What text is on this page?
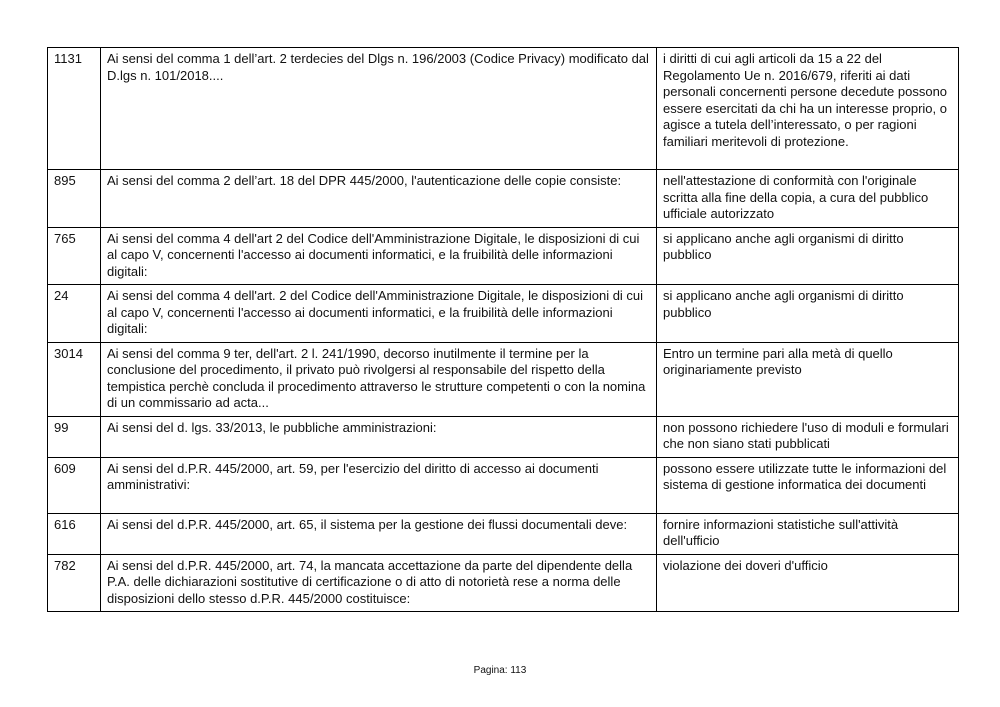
1131	Ai sensi del comma 1 dell’art. 2 terdecies del Dlgs n. 196/2003 (Codice Privacy) modificato dal D.lgs n. 101/2018....	i diritti di cui agli articoli da 15 a 22 del Regolamento Ue n. 2016/679, riferiti ai dati personali concernenti persone decedute possono essere esercitati da chi ha un interesse proprio, o agisce a tutela dell’interessato, o per ragioni familiari meritevoli di protezione.
895	Ai sensi del comma 2 dell’art. 18 del DPR 445/2000, l'autenticazione delle copie consiste:	nell'attestazione di conformità con l'originale scritta alla fine della copia, a cura del pubblico ufficiale autorizzato
765	Ai sensi del comma 4 dell'art 2 del Codice dell'Amministrazione Digitale, le disposizioni di cui al capo V, concernenti l'accesso ai documenti informatici, e la fruibilità delle informazioni digitali:	si applicano anche agli organismi di diritto pubblico
24	Ai sensi del comma 4 dell'art. 2 del Codice dell'Amministrazione Digitale, le disposizioni di cui al capo V, concernenti l'accesso ai documenti informatici, e la fruibilità delle informazioni digitali:	si applicano anche agli organismi di diritto pubblico
3014	Ai sensi del comma 9 ter, dell'art. 2 l. 241/1990, decorso inutilmente il termine per la conclusione del procedimento, il privato può rivolgersi al responsabile del rispetto della tempistica perchè concluda il procedimento attraverso le strutture competenti o con la nomina di un commissario ad acta...	Entro un termine pari alla metà di quello originariamente previsto
99	Ai sensi del d. lgs. 33/2013, le pubbliche amministrazioni:	non possono richiedere l'uso di moduli e formulari che non siano stati pubblicati
609	Ai sensi del d.P.R. 445/2000, art. 59, per l'esercizio del diritto di accesso ai documenti amministrativi:	possono essere utilizzate tutte le informazioni del sistema di gestione informatica dei documenti
616	Ai sensi del d.P.R. 445/2000, art. 65, il sistema per la gestione dei flussi documentali deve:	fornire informazioni statistiche sull'attività dell'ufficio
782	Ai sensi del d.P.R. 445/2000, art. 74, la mancata accettazione da parte del dipendente della P.A. delle dichiarazioni sostitutive di certificazione o di atto di notorietà rese a norma delle disposizioni dello stesso d.P.R. 445/2000 costituisce:	violazione dei doveri d'ufficio
Pagina: 113
